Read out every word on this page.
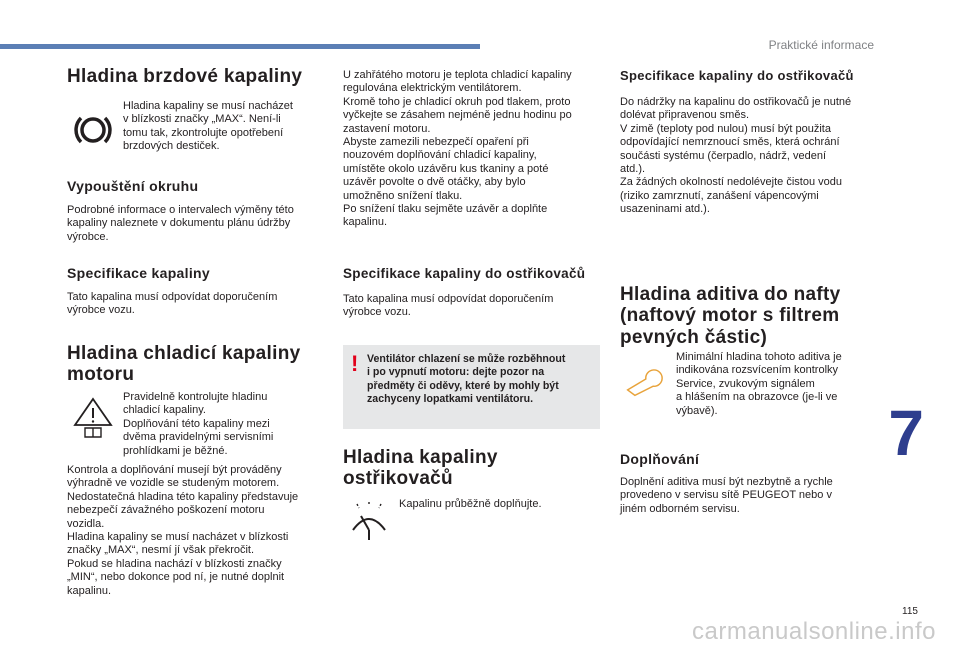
Praktické informace
Hladina brzdové kapaliny

Hladina kapaliny se musí nacházet
v blízkosti značky „MAX“. Není-li
tomu tak, zkontrolujte opotřebení
brzdových destiček.

Vypouštění okruhu

Podrobné informace o intervalech výměny této
kapaliny naleznete v dokumentu plánu údržby
výrobce.

Specifikace kapaliny

Tato kapalina musí odpovídat doporučením
výrobce vozu.

Hladina chladicí kapaliny
motoru

Pravidelně kontrolujte hladinu
chladicí kapaliny.
Doplňování této kapaliny mezi
dvěma pravidelnými servisními
prohlídkami je běžné.

Kontrola a doplňování musejí být prováděny
výhradně ve vozidle se studeným motorem.
Nedostatečná hladina této kapaliny představuje
nebezpečí závažného poškození motoru
vozidla.
Hladina kapaliny se musí nacházet v blízkosti
značky „MAX“, nesmí jí však překročit.
Pokud se hladina nachází v blízkosti značky
„MIN“, nebo dokonce pod ní, je nutné doplnit
kapalinu.

U zahřátého motoru je teplota chladicí kapaliny
regulována elektrickým ventilátorem.
Kromě toho je chladicí okruh pod tlakem, proto
vyčkejte se zásahem nejméně jednu hodinu po
zastavení motoru.
Abyste zamezili nebezpečí opaření při
nouzovém doplňování chladicí kapaliny,
umístěte okolo uzávěru kus tkaniny a poté
uzávěr povolte o dvě otáčky, aby bylo
umožněno snížení tlaku.
Po snížení tlaku sejměte uzávěr a doplňte
kapalinu.

Specifikace kapaliny do ostřikovačů

Tato kapalina musí odpovídat doporučením
výrobce vozu.

! Ventilátor chlazení se může rozběhnout
i po vypnutí motoru: dejte pozor na
předměty či oděvy, které by mohly být
zachyceny lopatkami ventilátoru.

Hladina kapaliny
ostřikovačů

Kapalinu průběžně doplňujte.

Specifikace kapaliny do ostřikovačů

Do nádržky na kapalinu do ostřikovačů je nutné
dolévat připravenou směs.
V zimě (teploty pod nulou) musí být použita
odpovídající nemrznoucí směs, která ochrání
součásti systému (čerpadlo, nádrž, vedení
atd.).
Za žádných okolností nedolévejte čistou vodu
(riziko zamrznutí, zanášení vápencovými
usazeninami atd.).

Hladina aditiva do nafty
(naftový motor s filtrem
pevných částic)

Minimální hladina tohoto aditiva je
indikována rozsvícením kontrolky
Service, zvukovým signálem
a hlášením na obrazovce (je-li ve
výbavě).

Doplňování

Doplnění aditiva musí být nezbytně a rychle
provedeno v servisu sítě PEUGEOT nebo v
jiném odborném servisu.

7
115
carmanualsonline.info
